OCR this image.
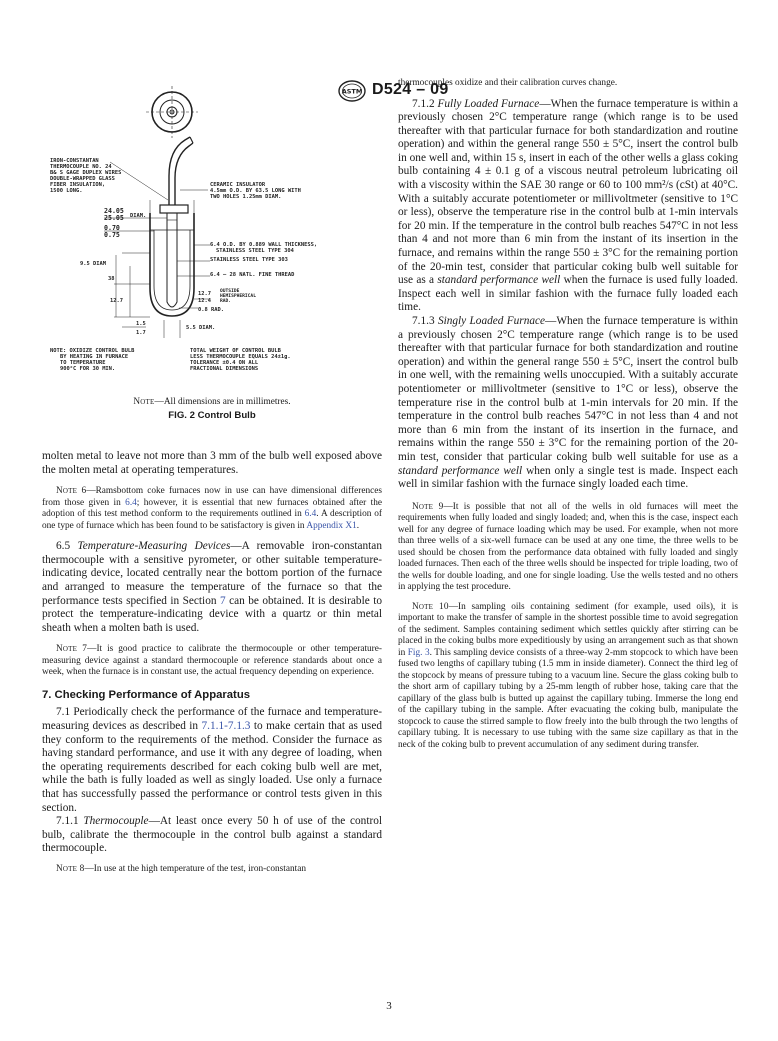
ASTM D524 – 09
IRON-CONSTANTAN
THERMOCOUPLE NO. 24
B& S GAGE DUPLEX WIRES
DOUBLE-WRAPPED GLASS
FIBER INSULATION,
1500 LONG.
CERAMIC INSULATOR
4.5mm O.D. BY 63.5 LONG WITH
TWO HOLES 1.25mm DIAM.
24.05
25.05 DIAM.
0.70
0.75
6.4 O.D. BY 0.889 WALL THICKNESS,
STAINLESS STEEL TYPE 304
STAINLESS STEEL TYPE 303
6.4 – 28 NATL. FINE THREAD
9.5 DIAM
38
12.7
12.7
12.4
OUTSIDE
HEMISPHERICAL
RAD.
0.8 RAD.
1.5
1.7
5.5 DIAM.
NOTE: OXIDIZE CONTROL BULB
BY HEATING IN FURNACE
TO TEMPERATURE
900°C FOR 30 MIN.
TOTAL WEIGHT OF CONTROL BULB
LESS THERMOCOUPLE EQUALS 24±1g.
TOLERANCE ±0.4 ON ALL
FRACTIONAL DIMENSIONS
Note—All dimensions are in millimetres.
FIG. 2 Control Bulb

molten metal to leave not more than 3 mm of the bulb well exposed above the molten metal at operating temperatures.

Note 6—Ramsbottom coke furnaces now in use can have dimensional differences from those given in 6.4; however, it is essential that new furnaces obtained after the adoption of this test method conform to the requirements outlined in 6.4. A description of one type of furnace which has been found to be satisfactory is given in Appendix X1.

6.5 Temperature-Measuring Devices—A removable iron-constantan thermocouple with a sensitive pyrometer, or other suitable temperature-indicating device, located centrally near the bottom portion of the furnace and arranged to measure the temperature of the furnace so that the performance tests specified in Section 7 can be obtained. It is desirable to protect the temperature-indicating device with a quartz or thin metal sheath when a molten bath is used.

Note 7—It is good practice to calibrate the thermocouple or other temperature-measuring device against a standard thermocouple or reference standards about once a week, when the furnace is in constant use, the actual frequency depending on experience.

7. Checking Performance of Apparatus

7.1 Periodically check the performance of the furnace and temperature-measuring devices as described in 7.1.1-7.1.3 to make certain that as used they conform to the requirements of the method. Consider the furnace as having standard performance, and use it with any degree of loading, when the operating requirements described for each coking bulb well are met, while the bath is fully loaded as well as singly loaded. Use only a furnace that has successfully passed the performance or control tests given in this section.

7.1.1 Thermocouple—At least once every 50 h of use of the control bulb, calibrate the thermocouple in the control bulb against a standard thermocouple.

Note 8—In use at the high temperature of the test, iron-constantan

thermocouples oxidize and their calibration curves change.

7.1.2 Fully Loaded Furnace—When the furnace temperature is within a previously chosen 2°C temperature range (which range is to be used thereafter with that particular furnace for both standardization and routine operation) and within the general range 550 ± 5°C, insert the control bulb in one well and, within 15 s, insert in each of the other wells a glass coking bulb containing 4 ± 0.1 g of a viscous neutral petroleum lubricating oil with a viscosity within the SAE 30 range or 60 to 100 mm²/s (cSt) at 40°C. With a suitably accurate potentiometer or millivoltmeter (sensitive to 1°C or less), observe the temperature rise in the control bulb at 1-min intervals for 20 min. If the temperature in the control bulb reaches 547°C in not less than 4 and not more than 6 min from the instant of its insertion in the furnace, and remains within the range 550 ± 3°C for the remaining portion of the 20-min test, consider that particular coking bulb well suitable for use as a standard performance well when the furnace is used fully loaded. Inspect each well in similar fashion with the furnace fully loaded each time.

7.1.3 Singly Loaded Furnace—When the furnace temperature is within a previously chosen 2°C temperature range (which range is to be used thereafter with that particular furnace for both standardization and routine operation) and within the general range 550 ± 5°C, insert the control bulb in one well, with the remaining wells unoccupied. With a suitably accurate potentiometer or millivoltmeter (sensitive to 1°C or less), observe the temperature rise in the control bulb at 1-min intervals for 20 min. If the temperature in the control bulb reaches 547°C in not less than 4 and not more than 6 min from the instant of its insertion in the furnace, and remains within the range 550 ± 3°C for the remaining portion of the 20-min test, consider that particular coking bulb well suitable for use as a standard performance well when only a single test is made. Inspect each well in similar fashion with the furnace singly loaded each time.

Note 9—It is possible that not all of the wells in old furnaces will meet the requirements when fully loaded and singly loaded; and, when this is the case, inspect each well for any degree of furnace loading which may be used. For example, when not more than three wells of a six-well furnace can be used at any one time, the three wells to be used should be chosen from the performance data obtained with fully loaded and singly loaded furnaces. Then each of the three wells should be inspected for triple loading, two of the wells for double loading, and one for single loading. Use the wells tested and no others in applying the test procedure.

Note 10—In sampling oils containing sediment (for example, used oils), it is important to make the transfer of sample in the shortest possible time to avoid segregation of the sediment. Samples containing sediment which settles quickly after stirring can be placed in the coking bulbs more expeditiously by using an arrangement such as that shown in Fig. 3. This sampling device consists of a three-way 2-mm stopcock to which have been fused two lengths of capillary tubing (1.5 mm in inside diameter). Connect the third leg of the stopcock by means of pressure tubing to a vacuum line. Secure the glass coking bulb to the short arm of capillary tubing by a 25-mm length of rubber hose, taking care that the capillary of the glass bulb is butted up against the capillary tubing. Immerse the long end of the capillary tubing in the sample. After evacuating the coking bulb, manipulate the stopcock to cause the stirred sample to flow freely into the bulb through the two lengths of capillary tubing. It is necessary to use tubing with the same size capillary as that in the neck of the coking bulb to prevent accumulation of any sediment during transfer.

3
